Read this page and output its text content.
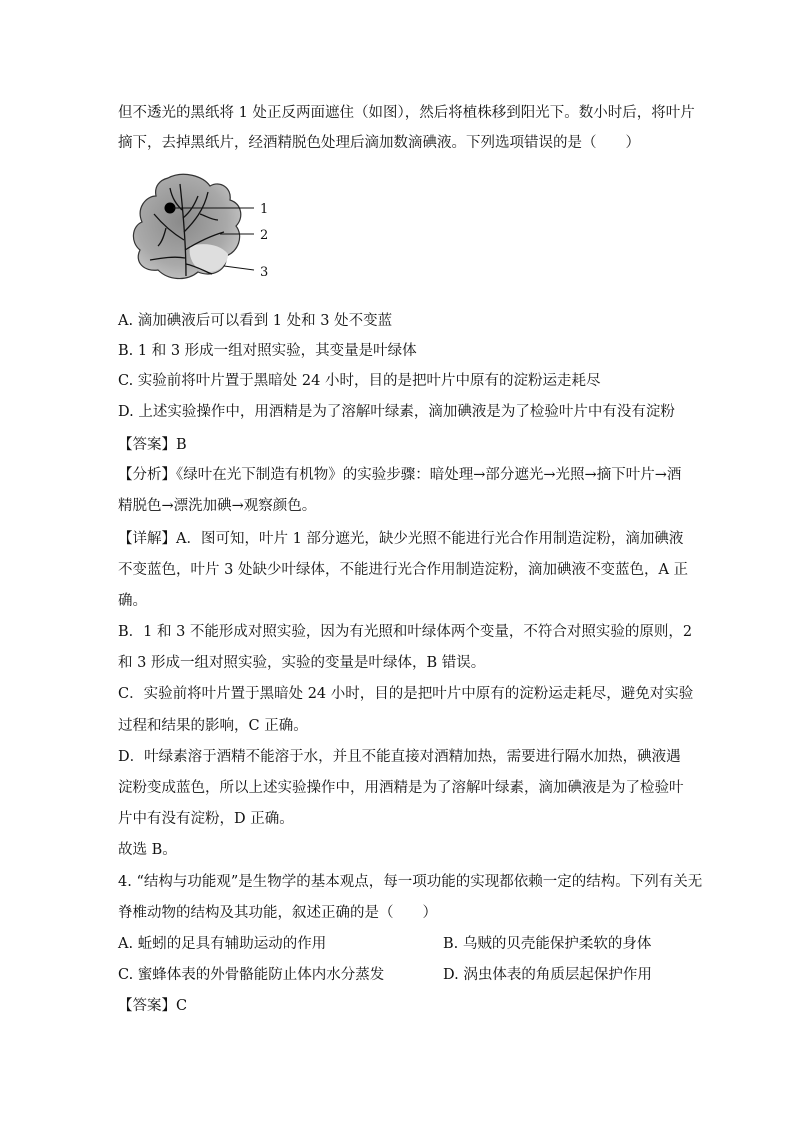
但不透光的黑纸将 1 处正反两面遮住（如图），然后将植株移到阳光下。数小时后，将叶片
摘下，去掉黑纸片，经酒精脱色处理后滴加数滴碘液。下列选项错误的是（　　）
1
2
3
A. 滴加碘液后可以看到 1 处和 3 处不变蓝
B. 1 和 3 形成一组对照实验，其变量是叶绿体
C. 实验前将叶片置于黑暗处 24 小时，目的是把叶片中原有的淀粉运走耗尽
D. 上述实验操作中，用酒精是为了溶解叶绿素，滴加碘液是为了检验叶片中有没有淀粉
【答案】B
【分析】《绿叶在光下制造有机物》的实验步骤：暗处理→部分遮光→光照→摘下叶片→酒
精脱色→漂洗加碘→观察颜色。
【详解】A．图可知，叶片 1 部分遮光，缺少光照不能进行光合作用制造淀粉，滴加碘液
不变蓝色，叶片 3 处缺少叶绿体，不能进行光合作用制造淀粉，滴加碘液不变蓝色，A 正
确。
B．1 和 3 不能形成对照实验，因为有光照和叶绿体两个变量，不符合对照实验的原则，2
和 3 形成一组对照实验，实验的变量是叶绿体，B 错误。
C．实验前将叶片置于黑暗处 24 小时，目的是把叶片中原有的淀粉运走耗尽，避免对实验
过程和结果的影响，C 正确。
D．叶绿素溶于酒精不能溶于水，并且不能直接对酒精加热，需要进行隔水加热，碘液遇
淀粉变成蓝色，所以上述实验操作中，用酒精是为了溶解叶绿素，滴加碘液是为了检验叶
片中有没有淀粉，D 正确。
故选 B。
4. “结构与功能观”是生物学的基本观点，每一项功能的实现都依赖一定的结构。下列有关无
脊椎动物的结构及其功能，叙述正确的是（　　）
A. 蚯蚓的足具有辅助运动的作用	B. 乌贼的贝壳能保护柔软的身体
C. 蜜蜂体表的外骨骼能防止体内水分蒸发	D. 涡虫体表的角质层起保护作用
【答案】C
